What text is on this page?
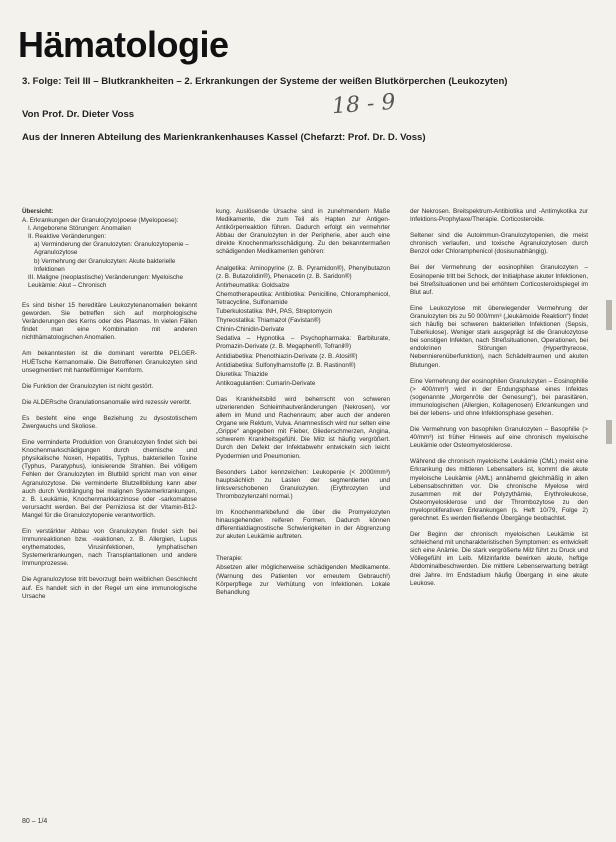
Hämatologie
3. Folge: Teil III – Blutkrankheiten – 2. Erkrankungen der Systeme der weißen Blutkörperchen (Leukozyten)
Von Prof. Dr. Dieter Voss	18 - 9
Aus der Inneren Abteilung des Marienkrankenhauses Kassel (Chefarzt: Prof. Dr. D. Voss)
Übersicht:
A. Erkrankungen der Granulo(zyto)poese (Myelopoese):
I. Angeborene Störungen: Anomalien
II. Reaktive Veränderungen:
a) Verminderung der Granulozyten: Granulozytopenie – Agranulozytose
b) Vermehrung der Granulozyten: Akute bakterielle Infektionen
III. Maligne (neoplastische) Veränderungen: Myeloische Leukämie: Akut – Chronisch

Es sind bisher 15 hereditäre Leukozytenanomalien bekannt geworden. Sie betreffen sich auf morphologische Veränderungen des Kerns oder des Plasmas. In vielen Fällen findet man eine Kombination mit anderen nichthämatologischen Anomalien.

Am bekanntesten ist die dominant vererbte PELGER-HUËTsche Kernanomalie. Die Betroffenen Granulozyten sind unsegmentiert mit hantelförmiger Kernform.

Die Funktion der Granulozyten ist nicht gestört.

Die ALDERsche Granulationsanomalie wird rezessiv vererbt.

Es besteht eine enge Beziehung zu dysostotischem Zwergwuchs und Skoliose.

Eine verminderte Produktion von Granulozyten findet sich bei Knochenmarkschädigungen durch chemische und physikalische Noxen, Hepatitis, Typhus, bakteriellen Toxine (Typhus, Paratyphus), ionisierende Strahlen. Bei völligem Fehlen der Granulozyten im Blutbild spricht man von einer Agranulozytose. Die verminderte Blutzellbildung kann aber auch durch Verdrängung bei malignen Systemerkrankungen, z. B. Leukämie, Knochenmarkkarzinose oder -sarkomatose verursacht werden. Bei der Perniziosa ist der Vitamin-B12-Mangel für die Granulozytopenie verantwortlich.

Ein verstärkter Abbau von Granulozyten findet sich bei Immunreaktionen bzw. -reaktionen, z. B. Allergien, Lupus erythematodes, Virusinfektionen, lymphatischen Systemerkrankungen, nach Transplantationen und andere Immunprozesse.

Die Agranulozytose tritt bevorzugt beim weiblichen Geschlecht auf. Es handelt sich in der Regel um eine immunologische Ursache

kung. Auslösende Ursache sind in zunehmendem Maße Medikamente, die zum Teil als Hapten zur Antigen-Antikörperreaktion führen. Dadurch erfolgt ein vermehrter Abbau der Granulozyten in der Peripherie, aber auch eine direkte Knochenmarksschädigung. Zu den bekanntermaßen schädigenden Medikamenten gehören:

Analgetika: Aminopyrine (z. B. Pyramidon®), Phenylbutazon (z. B. Butazolidin®), Phenacetin (z. B. Saridon®)

Antirheumatika: Goldsalze

Chemotherapeutika: Antibiotika: Penicilline, Chloramphenicol, Tetracycline, Sulfonamide

Tuberkulostatika: INH, PAS, Streptomycin

Thyreostatika: Thiamazol (Favistan®)

Chinin-Chinidin-Derivate

Sedativa – Hypnotika – Psychopharmaka: Barbiturate, Promazin-Derivate (z. B. Megaphen®, Tofranil®)

Antidiabetika: Phenothiazin-Derivate (z. B. Atosil®)

Antidiabetika: Sulfonylharnstoffe (z. B. Rastinon®)

Diuretika: Thiazide

Antikoagulantien: Cumarin-Derivate

Das Krankheitsbild wird beherrscht von schweren ulzerierenden Schleimhautveränderungen (Nekrosen), vor allem im Mund und Rachenraum; aber auch der anderen Organe wie Rektum, Vulva. Anamnestisch wird nur selten eine „Grippe“ angegeben mit Fieber, Gliederschmerzen, Angina, schwerem Krankheitsgefühl. Die Milz ist häufig vergrößert. Durch den Defekt der Infektabwehr entwickeln sich leicht Pyodermien und Pneumonien.

Besonders Labor kennzeichen: Leukopenie (< 2000/mm³) hauptsächlich zu Lasten der segmentierten und linksverschobenen Granulozyten. (Erythrozyten und Thrombozytenzahl normal.)

Im Knochenmarkbefund die über die Promyelozyten hinausgehenden reiferen Formen. Dadurch können differentialdiagnostische Schwierigkeiten in der Abgrenzung zur akuten Leukämie auftreten.

Therapie:

Absetzen aller möglicherweise schädigenden Medikamente. (Warnung des Patienten vor erneutem Gebrauch!) Körperpflege zur Verhütung von Infektionen. Lokale Behandlung

der Nekrosen. Breitspektrum-Antibiotika und -Antimykotika zur Infektions-Prophylaxe/Therapie. Corticosteroide.

Seltener sind die Autoimmun-Granulozytopenien, die meist chronisch verlaufen, und toxische Agranulozytosen durch Benzol oder Chloramphenicol (dosisunabhängig).

Bei der Vermehrung der eosinophilen Granulozyten – Eosinopenie tritt bei Schock, der Initialphase akuter Infektionen, bei Streßsituationen und bei erhöhtem Corticosteroidspiegel im Blut auf.

Eine Leukozytose mit überwiegender Vermehrung der Granulozyten bis zu 50 000/mm³ („leukämoide Reaktion“) findet sich häufig bei schweren bakteriellen Infektionen (Sepsis, Tuberkulose). Weniger stark ausgeprägt ist die Granulozytose bei sonstigen Infekten, nach Streßsituationen, Operationen, bei endokrinen Störungen (Hyperthyreose, Nebennierenüberfunktion), nach Schädeltraumen und akuten Blutungen.

Eine Vermehrung der eosinophilen Granulozyten – Eosinophilie (> 400/mm³) wird in der Endungsphase eines Infektes (sogenannte „Morgenröte der Genesung“), bei parasitären, immunologischen (Allergien, Kollagenosen) Erkrankungen und bei der lebens- und ohne Infektionsphase gesehen.

Die Vermehrung von basophilen Granulozyten – Basophilie (> 40/mm³) ist früher Hinweis auf eine chronisch myeloische Leukämie oder Osteomyelosklerose.

Während die chronisch myeloische Leukämie (CML) meist eine Erkrankung des mittleren Lebensalters ist, kommt die akute myeloische Leukämie (AML) annähernd gleichmäßig in allen Lebensabschnitten vor. Die chronische Myelose wird zusammen mit der Polyzythämie, Erythroleukose, Osteomyelosklerose und der Thrombozytose zu den myeloproliferativen Erkrankungen (s. Heft 10/79, Folge 2) gerechnet. Es werden fließende Übergänge beobachtet.

Der Beginn der chronisch myeloischen Leukämie ist schleichend mit uncharakteristischen Symptomen: es entwickelt sich eine Anämie. Die stark vergrößerte Milz führt zu Druck und Völlegefühl im Leib. Milzinfarkte bewirken akute, heftige Abdominalbeschwerden. Die mittlere Lebenserwartung beträgt drei Jahre. Im Endstadium häufig Übergang in eine akute Leukose.

80 – 1/4
